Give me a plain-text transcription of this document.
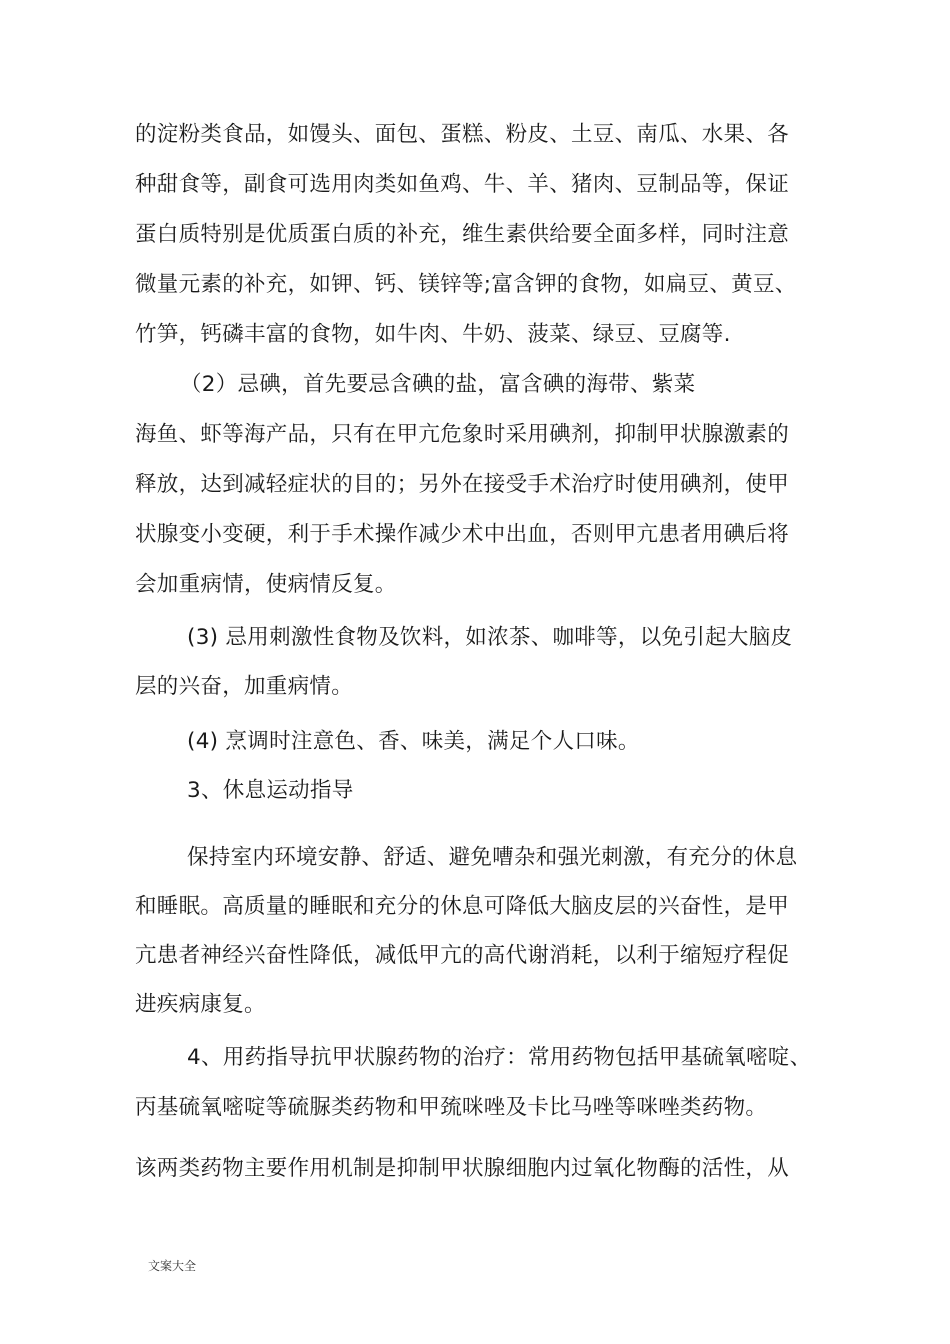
的淀粉类食品，如馒头、面包、蛋糕、粉皮、土豆、南瓜、水果、各
种甜食等，副食可选用肉类如鱼鸡、牛、羊、猪肉、豆制品等，保证
蛋白质特别是优质蛋白质的补充，维生素供给要全面多样，同时注意
微量元素的补充，如钾、钙、镁锌等;富含钾的食物，如扁豆、黄豆、
竹笋，钙磷丰富的食物，如牛肉、牛奶、菠菜、绿豆、豆腐等.
（2）忌碘，首先要忌含碘的盐，富含碘的海带、紫菜
海鱼、虾等海产品，只有在甲亢危象时采用碘剂，抑制甲状腺激素的
释放，达到减轻症状的目的；另外在接受手术治疗时使用碘剂，使甲
状腺变小变硬，利于手术操作减少术中出血，否则甲亢患者用碘后将
会加重病情，使病情反复。
(3) 忌用刺激性食物及饮料，如浓茶、咖啡等，以免引起大脑皮
层的兴奋，加重病情。
(4) 烹调时注意色、香、味美，满足个人口味。
3、休息运动指导
保持室内环境安静、舒适、避免嘈杂和强光刺激，有充分的休息
和睡眠。高质量的睡眠和充分的休息可降低大脑皮层的兴奋性，是甲
亢患者神经兴奋性降低，减低甲亢的高代谢消耗，以利于缩短疗程促
进疾病康复。
4、用药指导抗甲状腺药物的治疗：常用药物包括甲基硫氧嘧啶、
丙基硫氧嘧啶等硫脲类药物和甲巯咪唑及卡比马唑等咪唑类药物。
该两类药物主要作用机制是抑制甲状腺细胞内过氧化物酶的活性，从
文案大全
